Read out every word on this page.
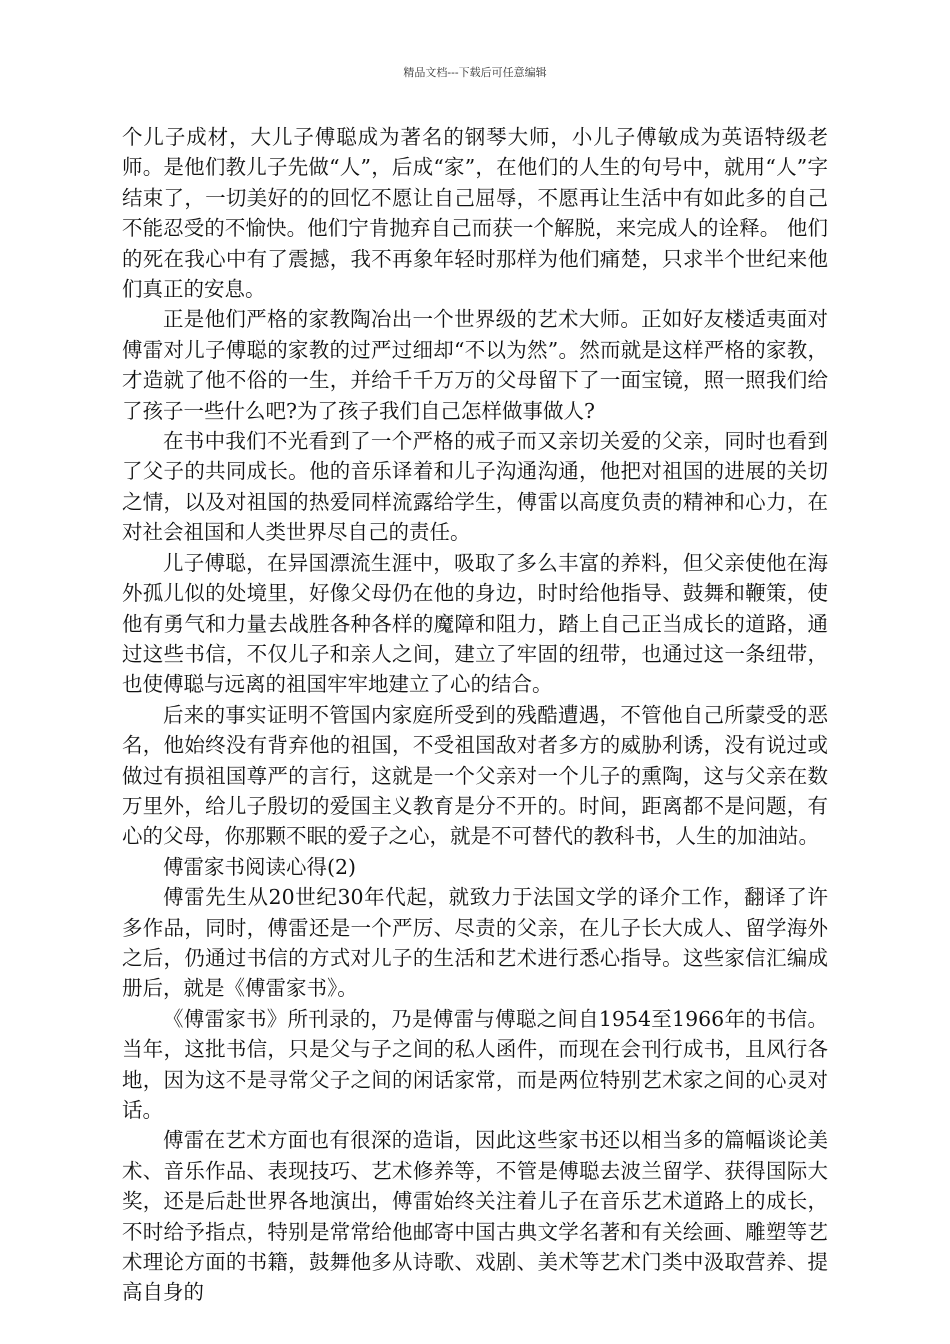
精品文档---下载后可任意编辑

个儿子成材，大儿子傅聪成为著名的钢琴大师，小儿子傅敏成为英语特级老师。是他们教儿子先做“人”，后成“家”，在他们的人生的句号中，就用“人”字结束了，一切美好的的回忆不愿让自己屈辱，不愿再让生活中有如此多的自己不能忍受的不愉快。他们宁肯抛弃自己而获一个解脱，来完成人的诠释。 他们的死在我心中有了震撼，我不再象年轻时那样为他们痛楚，只求半个世纪来他们真正的安息。

正是他们严格的家教陶冶出一个世界级的艺术大师。正如好友楼适夷面对傅雷对儿子傅聪的家教的过严过细却“不以为然”。然而就是这样严格的家教，才造就了他不俗的一生，并给千千万万的父母留下了一面宝镜，照一照我们给了孩子一些什么吧?为了孩子我们自己怎样做事做人?

在书中我们不光看到了一个严格的戒子而又亲切关爱的父亲，同时也看到了父子的共同成长。他的音乐译着和儿子沟通沟通，他把对祖国的进展的关切之情，以及对祖国的热爱同样流露给学生，傅雷以高度负责的精神和心力，在对社会祖国和人类世界尽自己的责任。

儿子傅聪，在异国漂流生涯中，吸取了多么丰富的养料，但父亲使他在海外孤儿似的处境里，好像父母仍在他的身边，时时给他指导、鼓舞和鞭策，使他有勇气和力量去战胜各种各样的魔障和阻力，踏上自己正当成长的道路，通过这些书信，不仅儿子和亲人之间，建立了牢固的纽带，也通过这一条纽带，也使傅聪与远离的祖国牢牢地建立了心的结合。

后来的事实证明不管国内家庭所受到的残酷遭遇，不管他自己所蒙受的恶名，他始终没有背弃他的祖国，不受祖国敌对者多方的威胁利诱，没有说过或做过有损祖国尊严的言行，这就是一个父亲对一个儿子的熏陶，这与父亲在数万里外，给儿子殷切的爱国主义教育是分不开的。时间，距离都不是问题，有心的父母，你那颗不眠的爱子之心，就是不可替代的教科书，人生的加油站。

傅雷家书阅读心得(2)

傅雷先生从20世纪30年代起，就致力于法国文学的译介工作，翻译了许多作品，同时，傅雷还是一个严厉、尽责的父亲，在儿子长大成人、留学海外之后，仍通过书信的方式对儿子的生活和艺术进行悉心指导。这些家信汇编成册后，就是《傅雷家书》。

《傅雷家书》所刊录的，乃是傅雷与傅聪之间自1954至1966年的书信。当年，这批书信，只是父与子之间的私人函件，而现在会刊行成书，且风行各地，因为这不是寻常父子之间的闲话家常，而是两位特别艺术家之间的心灵对话。

傅雷在艺术方面也有很深的造诣，因此这些家书还以相当多的篇幅谈论美术、音乐作品、表现技巧、艺术修养等，不管是傅聪去波兰留学、获得国际大奖，还是后赴世界各地演出，傅雷始终关注着儿子在音乐艺术道路上的成长，不时给予指点，特别是常常给他邮寄中国古典文学名著和有关绘画、雕塑等艺术理论方面的书籍，鼓舞他多从诗歌、戏剧、美术等艺术门类中汲取营养、提高自身的
